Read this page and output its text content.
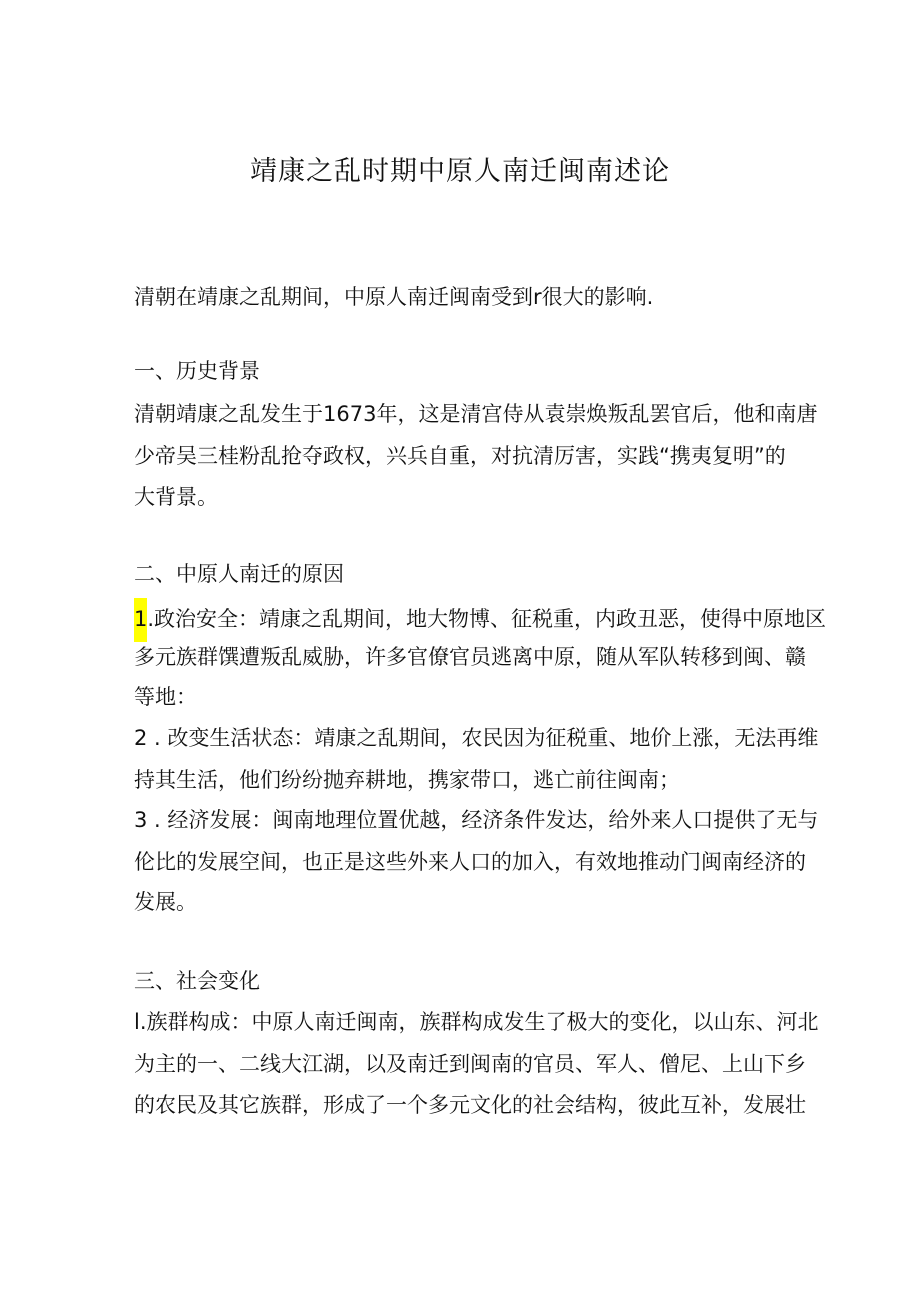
靖康之乱时期中原人南迁闽南述论
清朝在靖康之乱期间，中原人南迁闽南受到r很大的影响.
一、历史背景
清朝靖康之乱发生于1673年，这是清宫侍从袁崇焕叛乱罢官后，他和南唐
少帝吴三桂粉乱抢夺政权，兴兵自重，对抗清厉害，实践“携夷复明”的
大背景。
二、中原人南迁的原因
1.政治安全：靖康之乱期间，地大物博、征税重，内政丑恶，使得中原地区
多元族群馔遭叛乱威胁，许多官僚官员逃离中原，随从军队转移到闽、赣
等地：
2 . 改变生活状态：靖康之乱期间，农民因为征税重、地价上涨，无法再维
持其生活，他们纷纷抛弃耕地，携家带口，逃亡前往闽南；
3 . 经济发展：闽南地理位置优越，经济条件发达，给外来人口提供了无与
伦比的发展空间，也正是这些外来人口的加入，有效地推动门闽南经济的
发展。
三、社会变化
l.族群构成：中原人南迁闽南，族群构成发生了极大的变化，以山东、河北
为主的一、二线大江湖，以及南迁到闽南的官员、军人、僧尼、上山下乡
的农民及其它族群，形成了一个多元文化的社会结构，彼此互补，发展壮
